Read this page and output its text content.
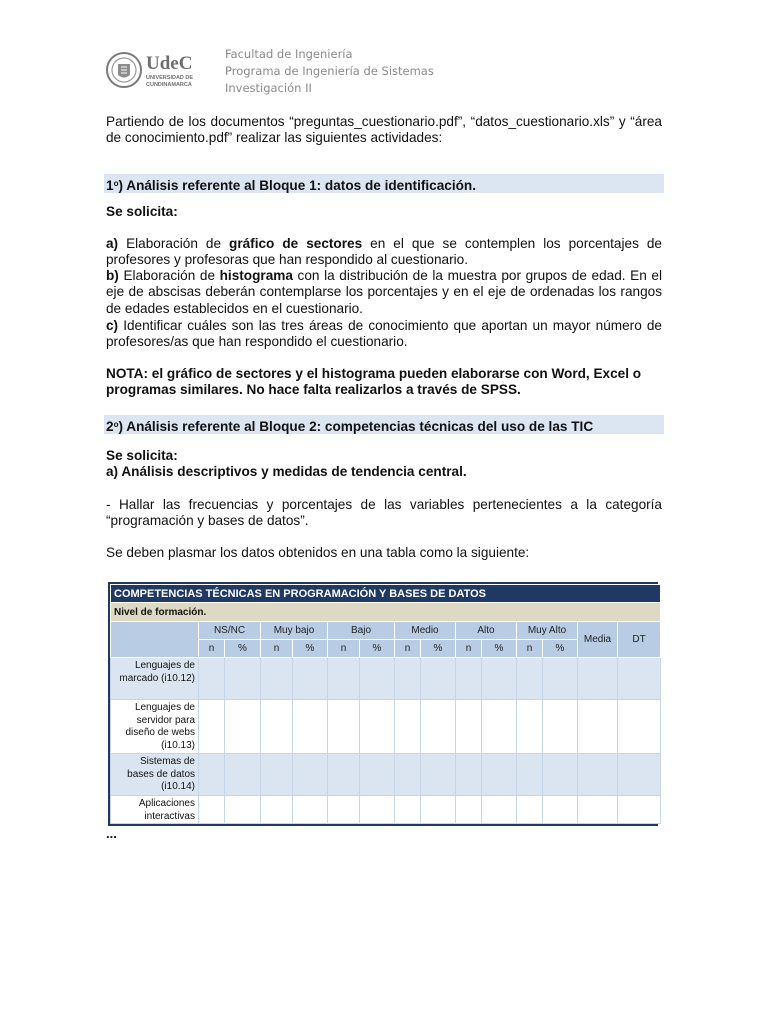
UdeC
UNIVERSIDAD DE
CUNDINAMARCA
Facultad de Ingeniería
Programa de Ingeniería de Sistemas
Investigación II
Partiendo de los documentos “preguntas_cuestionario.pdf”, “datos_cuestionario.xls” y “área de conocimiento.pdf” realizar las siguientes actividades:
1$^o$) Análisis referente al Bloque 1: datos de identificación.
Se solicita:
a) Elaboración de gráfico de sectores en el que se contemplen los porcentajes de profesores y profesoras que han respondido al cuestionario.
b) Elaboración de histograma con la distribución de la muestra por grupos de edad. En el eje de abscisas deberán contemplarse los porcentajes y en el eje de ordenadas los rangos de edades establecidos en el cuestionario.
c) Identificar cuáles son las tres áreas de conocimiento que aportan un mayor número de profesores/as que han respondido el cuestionario.
NOTA: el gráfico de sectores y el histograma pueden elaborarse con Word, Excel o programas similares. No hace falta realizarlos a través de SPSS.
2$^o$) Análisis referente al Bloque 2: competencias técnicas del uso de las TIC
Se solicita:
a) Análisis descriptivos y medidas de tendencia central.
- Hallar las frecuencias y porcentajes de las variables pertenecientes a la categoría “programación y bases de datos”.
Se deben plasmar los datos obtenidos en una tabla como la siguiente:
COMPETENCIAS TÉCNICAS EN PROGRAMACIÓN Y BASES DE DATOS														
Nivel de formación.														
	NS/NC		Muy bajo		Bajo		Medio		Alto		Muy Alto		Media	DT
	n	%	n	%	n	%	n	%	n	%	n	%		
Lenguajes de marcado (i10.12)														
Lenguajes de servidor para diseño de webs (i10.13)														
Sistemas de bases de datos (i10.14)														
Aplicaciones interactivas														
...
